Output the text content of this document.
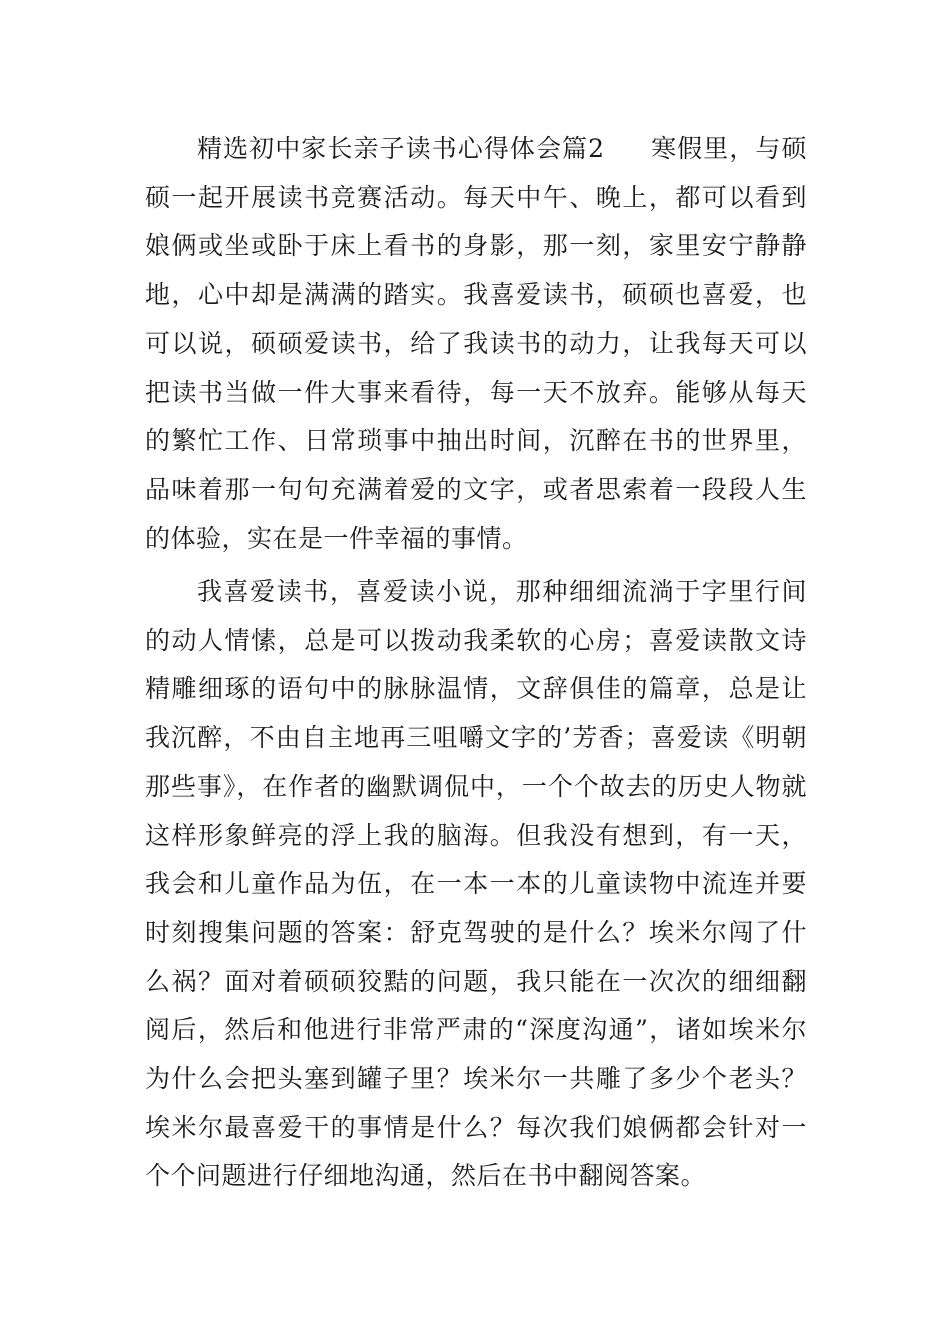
精选初中家长亲子读书心得体会篇2 寒假里，与硕硕一起开展读书竞赛活动。每天中午、晚上，都可以看到娘俩或坐或卧于床上看书的身影，那一刻，家里安宁静静地，心中却是满满的踏实。我喜爱读书，硕硕也喜爱，也可以说，硕硕爱读书，给了我读书的动力，让我每天可以把读书当做一件大事来看待，每一天不放弃。能够从每天的繁忙工作、日常琐事中抽出时间，沉醉在书的世界里，品味着那一句句充满着爱的文字，或者思索着一段段人生的体验，实在是一件幸福的事情。

我喜爱读书，喜爱读小说，那种细细流淌于字里行间的动人情愫，总是可以拨动我柔软的心房；喜爱读散文诗精雕细琢的语句中的脉脉温情，文辞俱佳的篇章，总是让我沉醉，不由自主地再三咀嚼文字的’芳香；喜爱读《明朝那些事》，在作者的幽默调侃中，一个个故去的历史人物就这样形象鲜亮的浮上我的脑海。但我没有想到，有一天，我会和儿童作品为伍，在一本一本的儿童读物中流连并要时刻搜集问题的答案：舒克驾驶的是什么？埃米尔闯了什么祸？面对着硕硕狡黠的问题，我只能在一次次的细细翻阅后，然后和他进行非常严肃的“深度沟通”，诸如埃米尔为什么会把头塞到罐子里？埃米尔一共雕了多少个老头？埃米尔最喜爱干的事情是什么？每次我们娘俩都会针对一个个问题进行仔细地沟通，然后在书中翻阅答案。
